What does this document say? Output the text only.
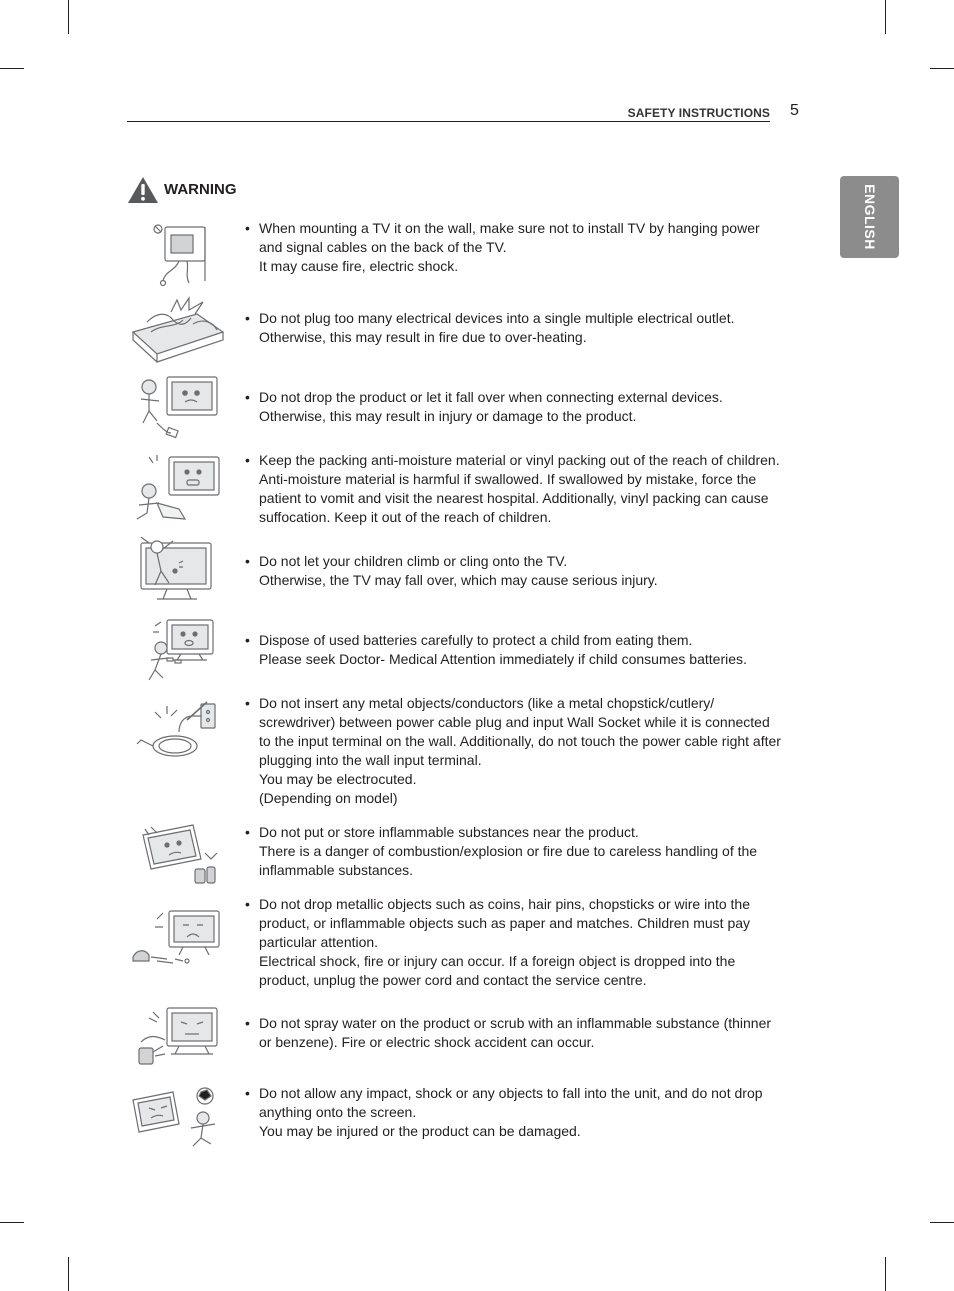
SAFETY INSTRUCTIONS 5
ENGLISH
WARNING
• When mounting a TV it on the wall, make sure not to install TV by hanging power
and signal cables on the back of the TV.
It may cause fire, electric shock.
• Do not plug too many electrical devices into a single multiple electrical outlet.
Otherwise, this may result in fire due to over-heating.
• Do not drop the product or let it fall over when connecting external devices.
Otherwise, this may result in injury or damage to the product.
• Keep the packing anti-moisture material or vinyl packing out of the reach of children.
Anti-moisture material is harmful if swallowed. If swallowed by mistake, force the
patient to vomit and visit the nearest hospital. Additionally, vinyl packing can cause
suffocation. Keep it out of the reach of children.
• Do not let your children climb or cling onto the TV.
Otherwise, the TV may fall over, which may cause serious injury.
• Dispose of used batteries carefully to protect a child from eating them.
Please seek Doctor- Medical Attention immediately if child consumes batteries.
• Do not insert any metal objects/conductors (like a metal chopstick/cutlery/
screwdriver) between power cable plug and input Wall Socket while it is connected
to the input terminal on the wall. Additionally, do not touch the power cable right after
plugging into the wall input terminal.
You may be electrocuted.
(Depending on model)
• Do not put or store inflammable substances near the product.
There is a danger of combustion/explosion or fire due to careless handling of the
inflammable substances.
• Do not drop metallic objects such as coins, hair pins, chopsticks or wire into the
product, or inflammable objects such as paper and matches. Children must pay
particular attention.
Electrical shock, fire or injury can occur. If a foreign object is dropped into the
product, unplug the power cord and contact the service centre.
• Do not spray water on the product or scrub with an inflammable substance (thinner
or benzene). Fire or electric shock accident can occur.
• Do not allow any impact, shock or any objects to fall into the unit, and do not drop
anything onto the screen.
You may be injured or the product can be damaged.
